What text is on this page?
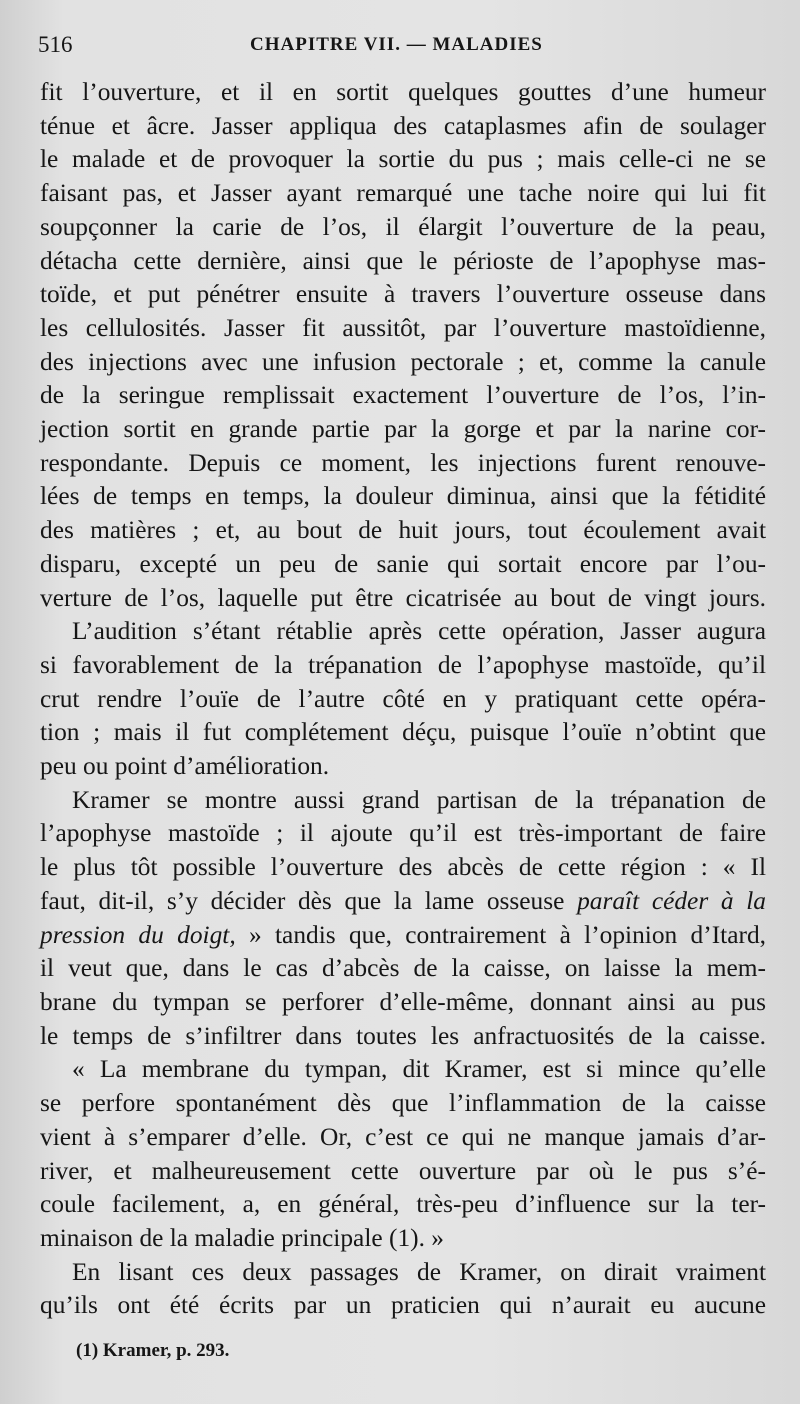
516	CHAPITRE VII. — MALADIES

fit l’ouverture, et il en sortit quelques gouttes d’une humeur

ténue et âcre. Jasser appliqua des cataplasmes afin de soulager

le malade et de provoquer la sortie du pus ; mais celle-ci ne se

faisant pas, et Jasser ayant remarqué une tache noire qui lui fit

soupçonner la carie de l’os, il élargit l’ouverture de la peau,

détacha cette dernière, ainsi que le périoste de l’apophyse mas-

toïde, et put pénétrer ensuite à travers l’ouverture osseuse dans

les cellulosités. Jasser fit aussitôt, par l’ouverture mastoïdienne,

des injections avec une infusion pectorale ; et, comme la canule

de la seringue remplissait exactement l’ouverture de l’os, l’in-

jection sortit en grande partie par la gorge et par la narine cor-

respondante. Depuis ce moment, les injections furent renouve-

lées de temps en temps, la douleur diminua, ainsi que la fétidité

des matières ; et, au bout de huit jours, tout écoulement avait

disparu, excepté un peu de sanie qui sortait encore par l’ou-

verture de l’os, laquelle put être cicatrisée au bout de vingt jours.

L’audition s’étant rétablie après cette opération, Jasser augura

si favorablement de la trépanation de l’apophyse mastoïde, qu’il

crut rendre l’ouïe de l’autre côté en y pratiquant cette opéra-

tion ; mais il fut complétement déçu, puisque l’ouïe n’obtint que

peu ou point d’amélioration.

Kramer se montre aussi grand partisan de la trépanation de

l’apophyse mastoïde ; il ajoute qu’il est très-important de faire

le plus tôt possible l’ouverture des abcès de cette région : « Il

faut, dit-il, s’y décider dès que la lame osseuse paraît céder à la

pression du doigt, » tandis que, contrairement à l’opinion d’Itard,

il veut que, dans le cas d’abcès de la caisse, on laisse la mem-

brane du tympan se perforer d’elle-même, donnant ainsi au pus

le temps de s’infiltrer dans toutes les anfractuosités de la caisse.

« La membrane du tympan, dit Kramer, est si mince qu’elle

se perfore spontanément dès que l’inflammation de la caisse

vient à s’emparer d’elle. Or, c’est ce qui ne manque jamais d’ar-

river, et malheureusement cette ouverture par où le pus s’é-

coule facilement, a, en général, très-peu d’influence sur la ter-

minaison de la maladie principale (1). »

En lisant ces deux passages de Kramer, on dirait vraiment

qu’ils ont été écrits par un praticien qui n’aurait eu aucune

(1) Kramer, p. 293.
